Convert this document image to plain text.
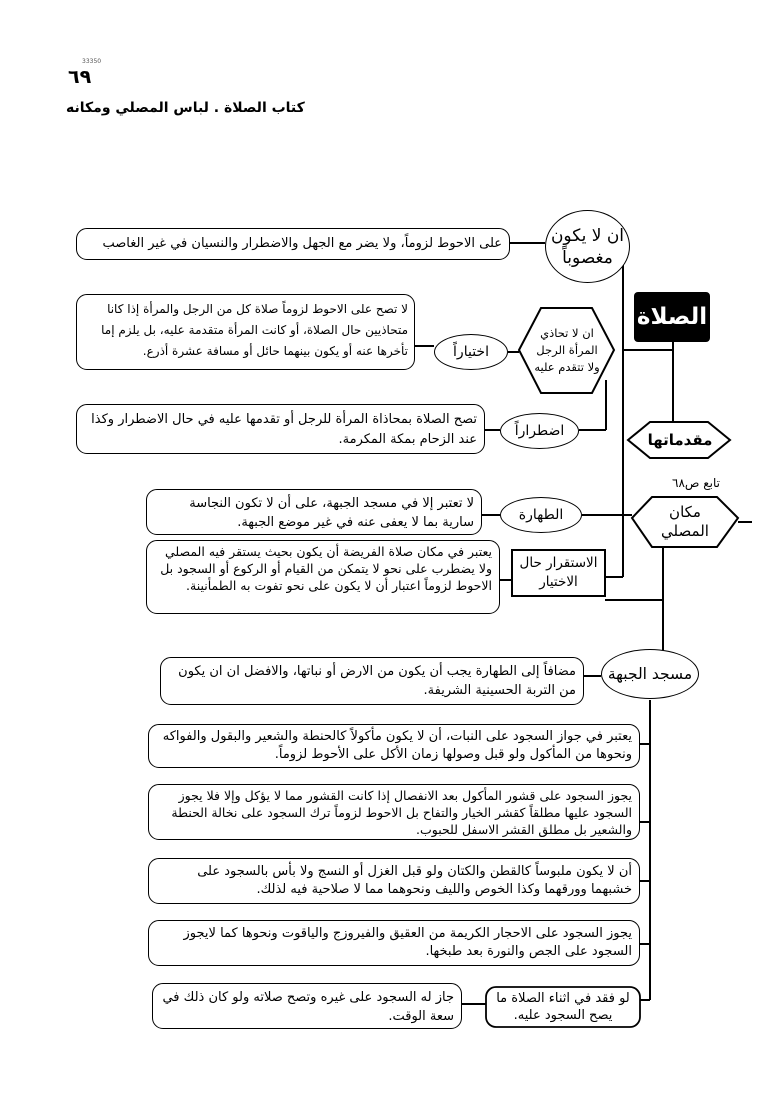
33350
٦٩
كتاب الصلاة . لباس المصلي ومكانه
الصلاة
مقدماتها
تابع ص٦٨
مكان المصلي
ان لا يكون مغصوباً
على الاحوط لزوماً، ولا يضر مع الجهل والاضطرار والنسيان في غير الغاصب
ان لا تحاذي المرأة الرجل ولا تتقدم عليه
اختياراً
لا تصح على الاحوط لزوماً صلاة كل من الرجل والمرأة إذا كانا متحاذيين حال الصلاة، أو كانت المرأة متقدمة عليه، بل يلزم إما تأخرها عنه أو يكون بينهما حائل أو مسافة عشرة أذرع.
اضطراراً
تصح الصلاة بمحاذاة المرأة للرجل أو تقدمها عليه في حال الاضطرار وكذا عند الزحام بمكة المكرمة.
الطهارة
لا تعتبر إلا في مسجد الجبهة، على أن لا تكون النجاسة سارية بما لا يعفى عنه في غير موضع الجبهة.
الاستقرار حال الاختيار
يعتبر في مكان صلاة الفريضة أن يكون بحيث يستقر فيه المصلي ولا يضطرب على نحو لا يتمكن من القيام أو الركوع أو السجود بل الاحوط لزوماً اعتبار أن لا يكون على نحو تفوت به الطمأنينة.
مسجد الجبهة
مضافاً إلى الطهارة يجب أن يكون من الارض أو نباتها، والافضل ان ان يكون من التربة الحسينية الشريفة.
يعتبر في جواز السجود على النبات، أن لا يكون مأكولاً كالحنطة والشعير والبقول والفواكه ونحوها من المأكول ولو قبل وصولها زمان الأكل على الأحوط لزوماً.
يجوز السجود على قشور المأكول بعد الانفصال إذا كانت القشور مما لا يؤكل وإلا فلا يجوز السجود عليها مطلقاً كقشر الخيار والتفاح بل الاحوط لزوماً ترك السجود على نخالة الحنطة والشعير بل مطلق القشر الاسفل للحبوب.
أن لا يكون ملبوساً كالقطن والكتان ولو قبل الغزل أو النسج ولا بأس بالسجود على خشبهما وورقهما وكذا الخوص والليف ونحوهما مما لا صلاحية فيه لذلك.
يجوز السجود على الاحجار الكريمة من العقيق والفيروزج والياقوت ونحوها كما لايجوز السجود على الجص والنورة بعد طبخها.
لو فقد في اثناء الصلاة ما يصح السجود عليه.
جاز له السجود على غيره وتصح صلاته ولو كان ذلك في سعة الوقت.
